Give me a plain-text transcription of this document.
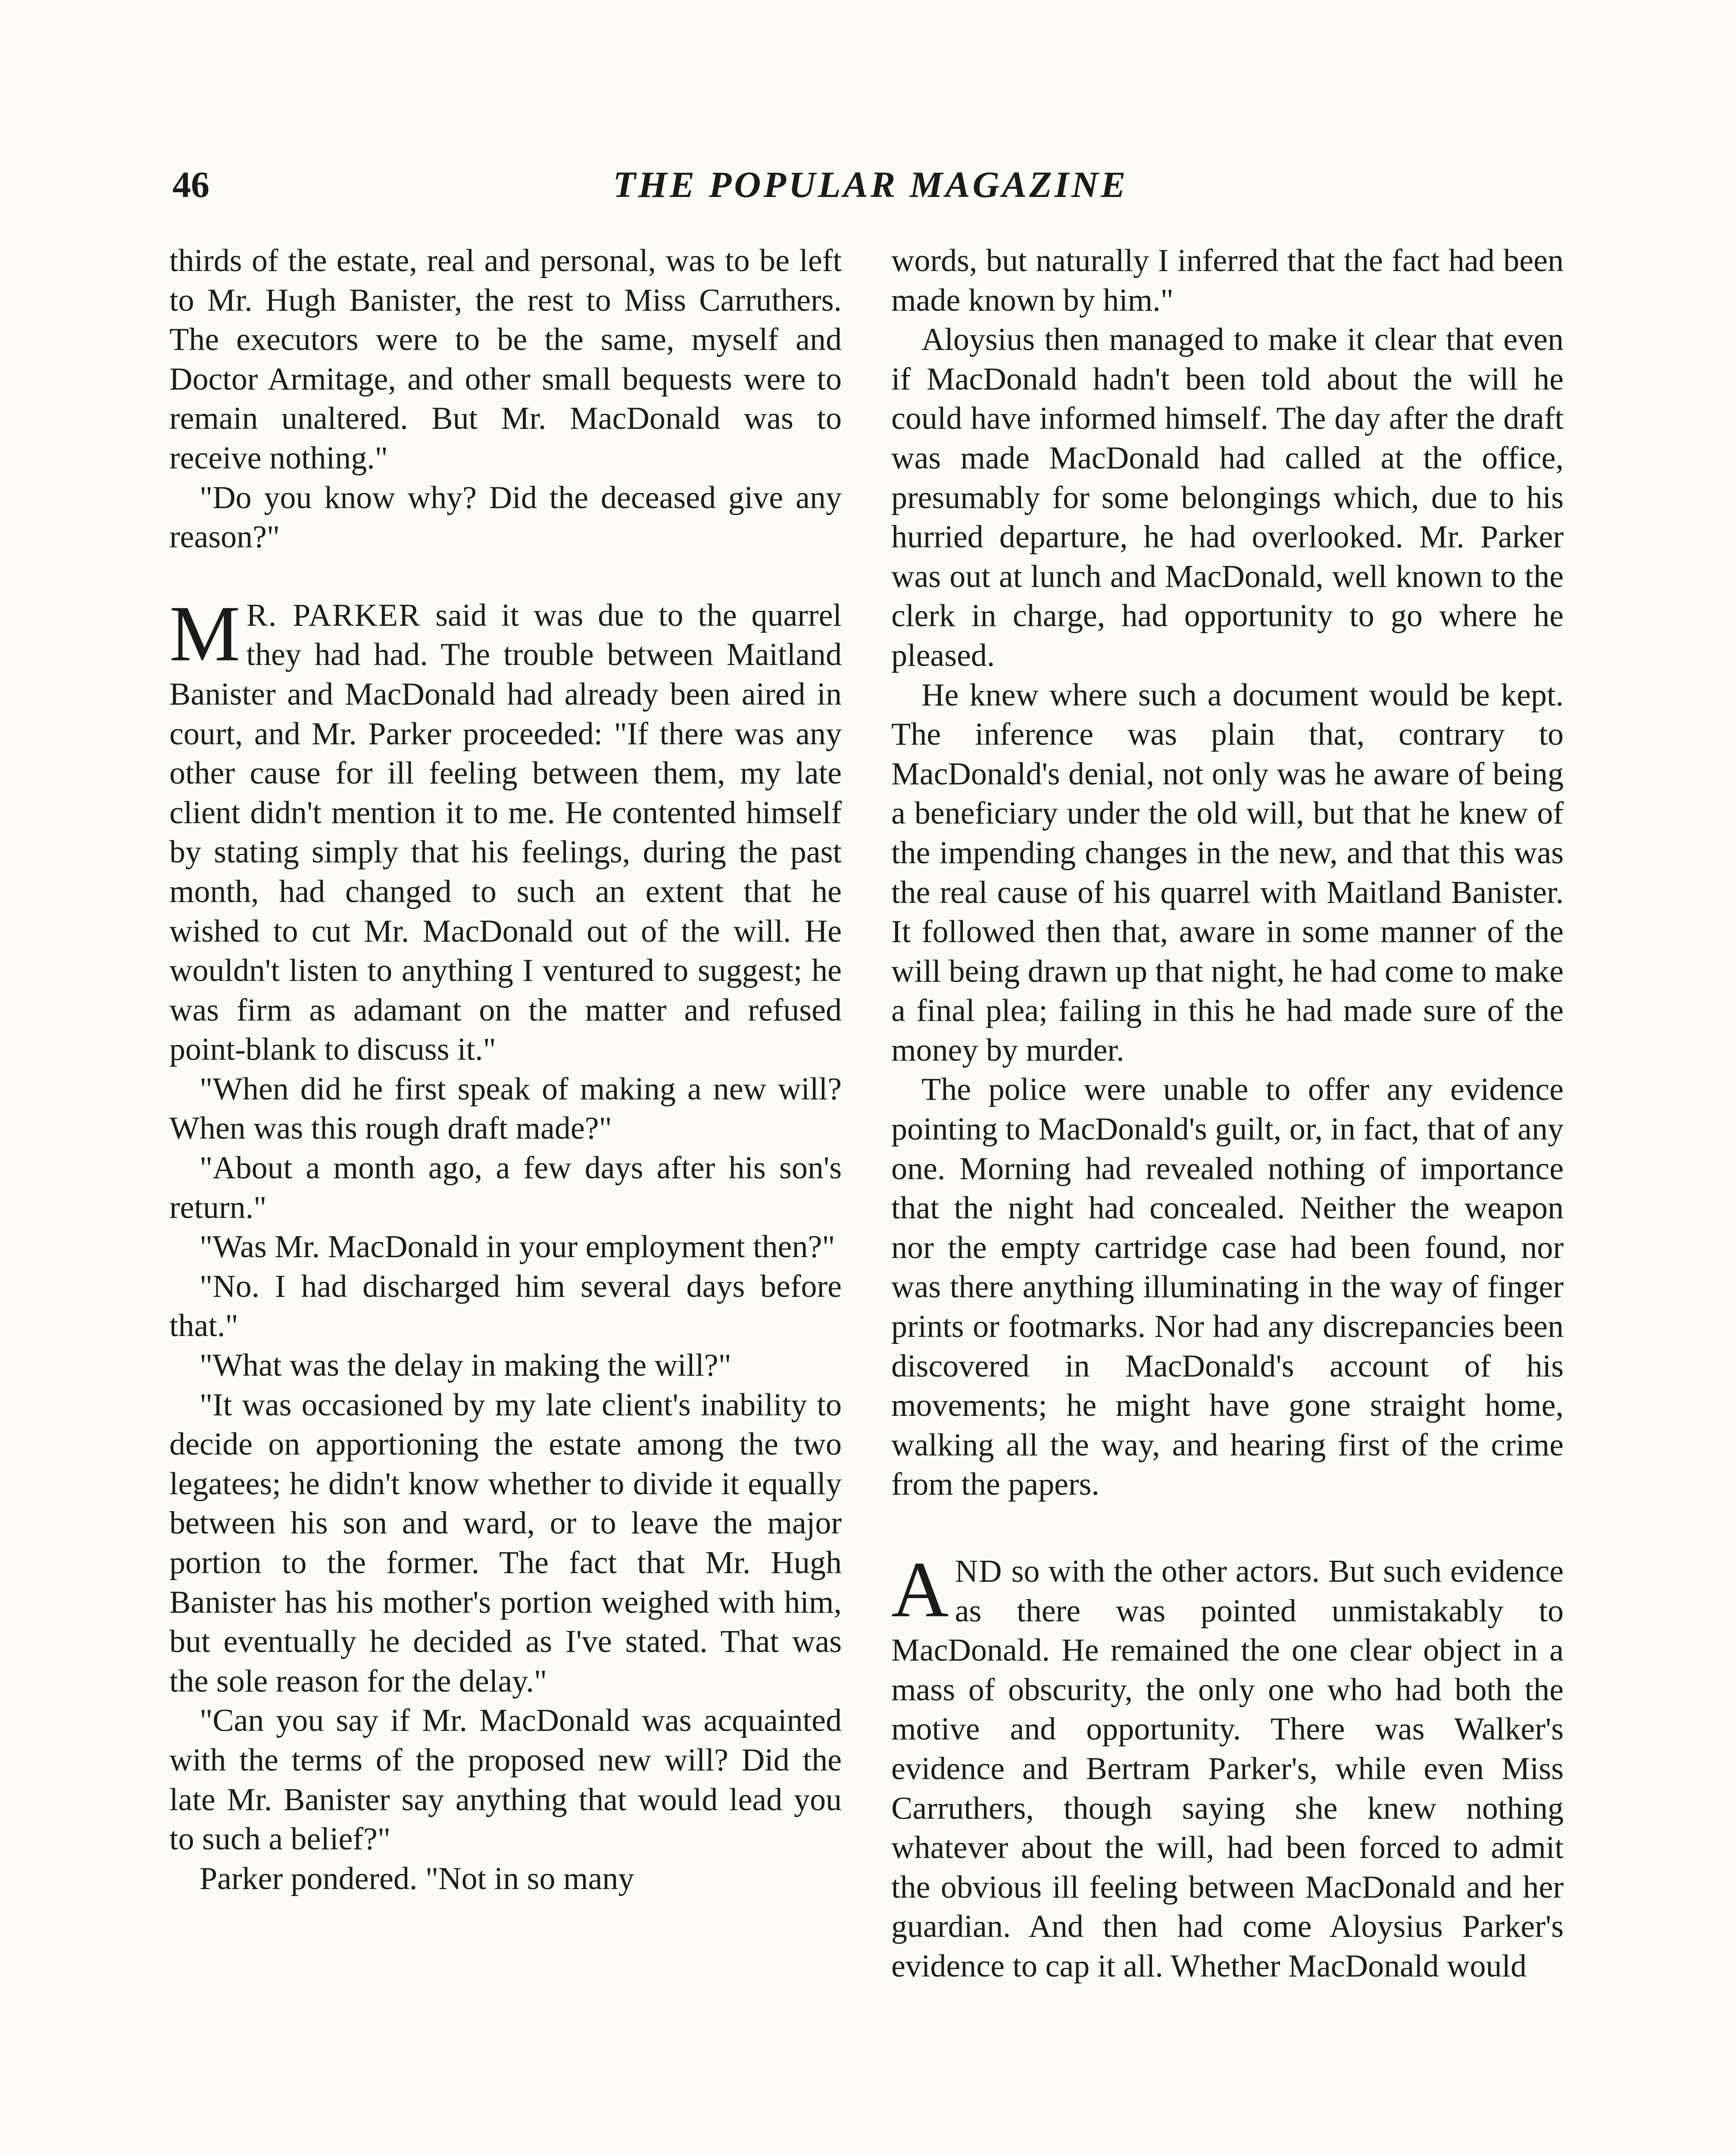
46	THE POPULAR MAGAZINE

thirds of the estate, real and personal, was to be left to Mr. Hugh Banister, the rest to Miss Carruthers. The executors were to be the same, myself and Doctor Armitage, and other small bequests were to remain unaltered. But Mr. MacDonald was to receive nothing."

"Do you know why? Did the deceased give any reason?"

M R. PARKER said it was due to the quarrel they had had. The trouble between Maitland Banister and MacDonald had already been aired in court, and Mr. Parker proceeded: "If there was any other cause for ill feeling between them, my late client didn't mention it to me. He contented himself by stating simply that his feelings, during the past month, had changed to such an extent that he wished to cut Mr. MacDonald out of the will. He wouldn't listen to anything I ventured to suggest; he was firm as adamant on the matter and refused point-blank to discuss it."

"When did he first speak of making a new will? When was this rough draft made?"

"About a month ago, a few days after his son's return."

"Was Mr. MacDonald in your employment then?"

"No. I had discharged him several days before that."

"What was the delay in making the will?"

"It was occasioned by my late client's inability to decide on apportioning the estate among the two legatees; he didn't know whether to divide it equally between his son and ward, or to leave the major portion to the former. The fact that Mr. Hugh Banister has his mother's portion weighed with him, but eventually he decided as I've stated. That was the sole reason for the delay."

"Can you say if Mr. MacDonald was acquainted with the terms of the proposed new will? Did the late Mr. Banister say anything that would lead you to such a belief?"

Parker pondered. "Not in so many

words, but naturally I inferred that the fact had been made known by him."

Aloysius then managed to make it clear that even if MacDonald hadn't been told about the will he could have informed himself. The day after the draft was made MacDonald had called at the office, presumably for some belongings which, due to his hurried departure, he had overlooked. Mr. Parker was out at lunch and MacDonald, well known to the clerk in charge, had opportunity to go where he pleased.

He knew where such a document would be kept. The inference was plain that, contrary to MacDonald's denial, not only was he aware of being a beneficiary under the old will, but that he knew of the impending changes in the new, and that this was the real cause of his quarrel with Maitland Banister. It followed then that, aware in some manner of the will being drawn up that night, he had come to make a final plea; failing in this he had made sure of the money by murder.

The police were unable to offer any evidence pointing to MacDonald's guilt, or, in fact, that of any one. Morning had revealed nothing of importance that the night had concealed. Neither the weapon nor the empty cartridge case had been found, nor was there anything illuminating in the way of finger prints or footmarks. Nor had any discrepancies been discovered in MacDonald's account of his movements; he might have gone straight home, walking all the way, and hearing first of the crime from the papers.

AND so with the other actors. But such evidence as there was pointed unmistakably to MacDonald. He remained the one clear object in a mass of obscurity, the only one who had both the motive and opportunity. There was Walker's evidence and Bertram Parker's, while even Miss Carruthers, though saying she knew nothing whatever about the will, had been forced to admit the obvious ill feeling between MacDonald and her guardian. And then had come Aloysius Parker's evidence to cap it all. Whether MacDonald would
